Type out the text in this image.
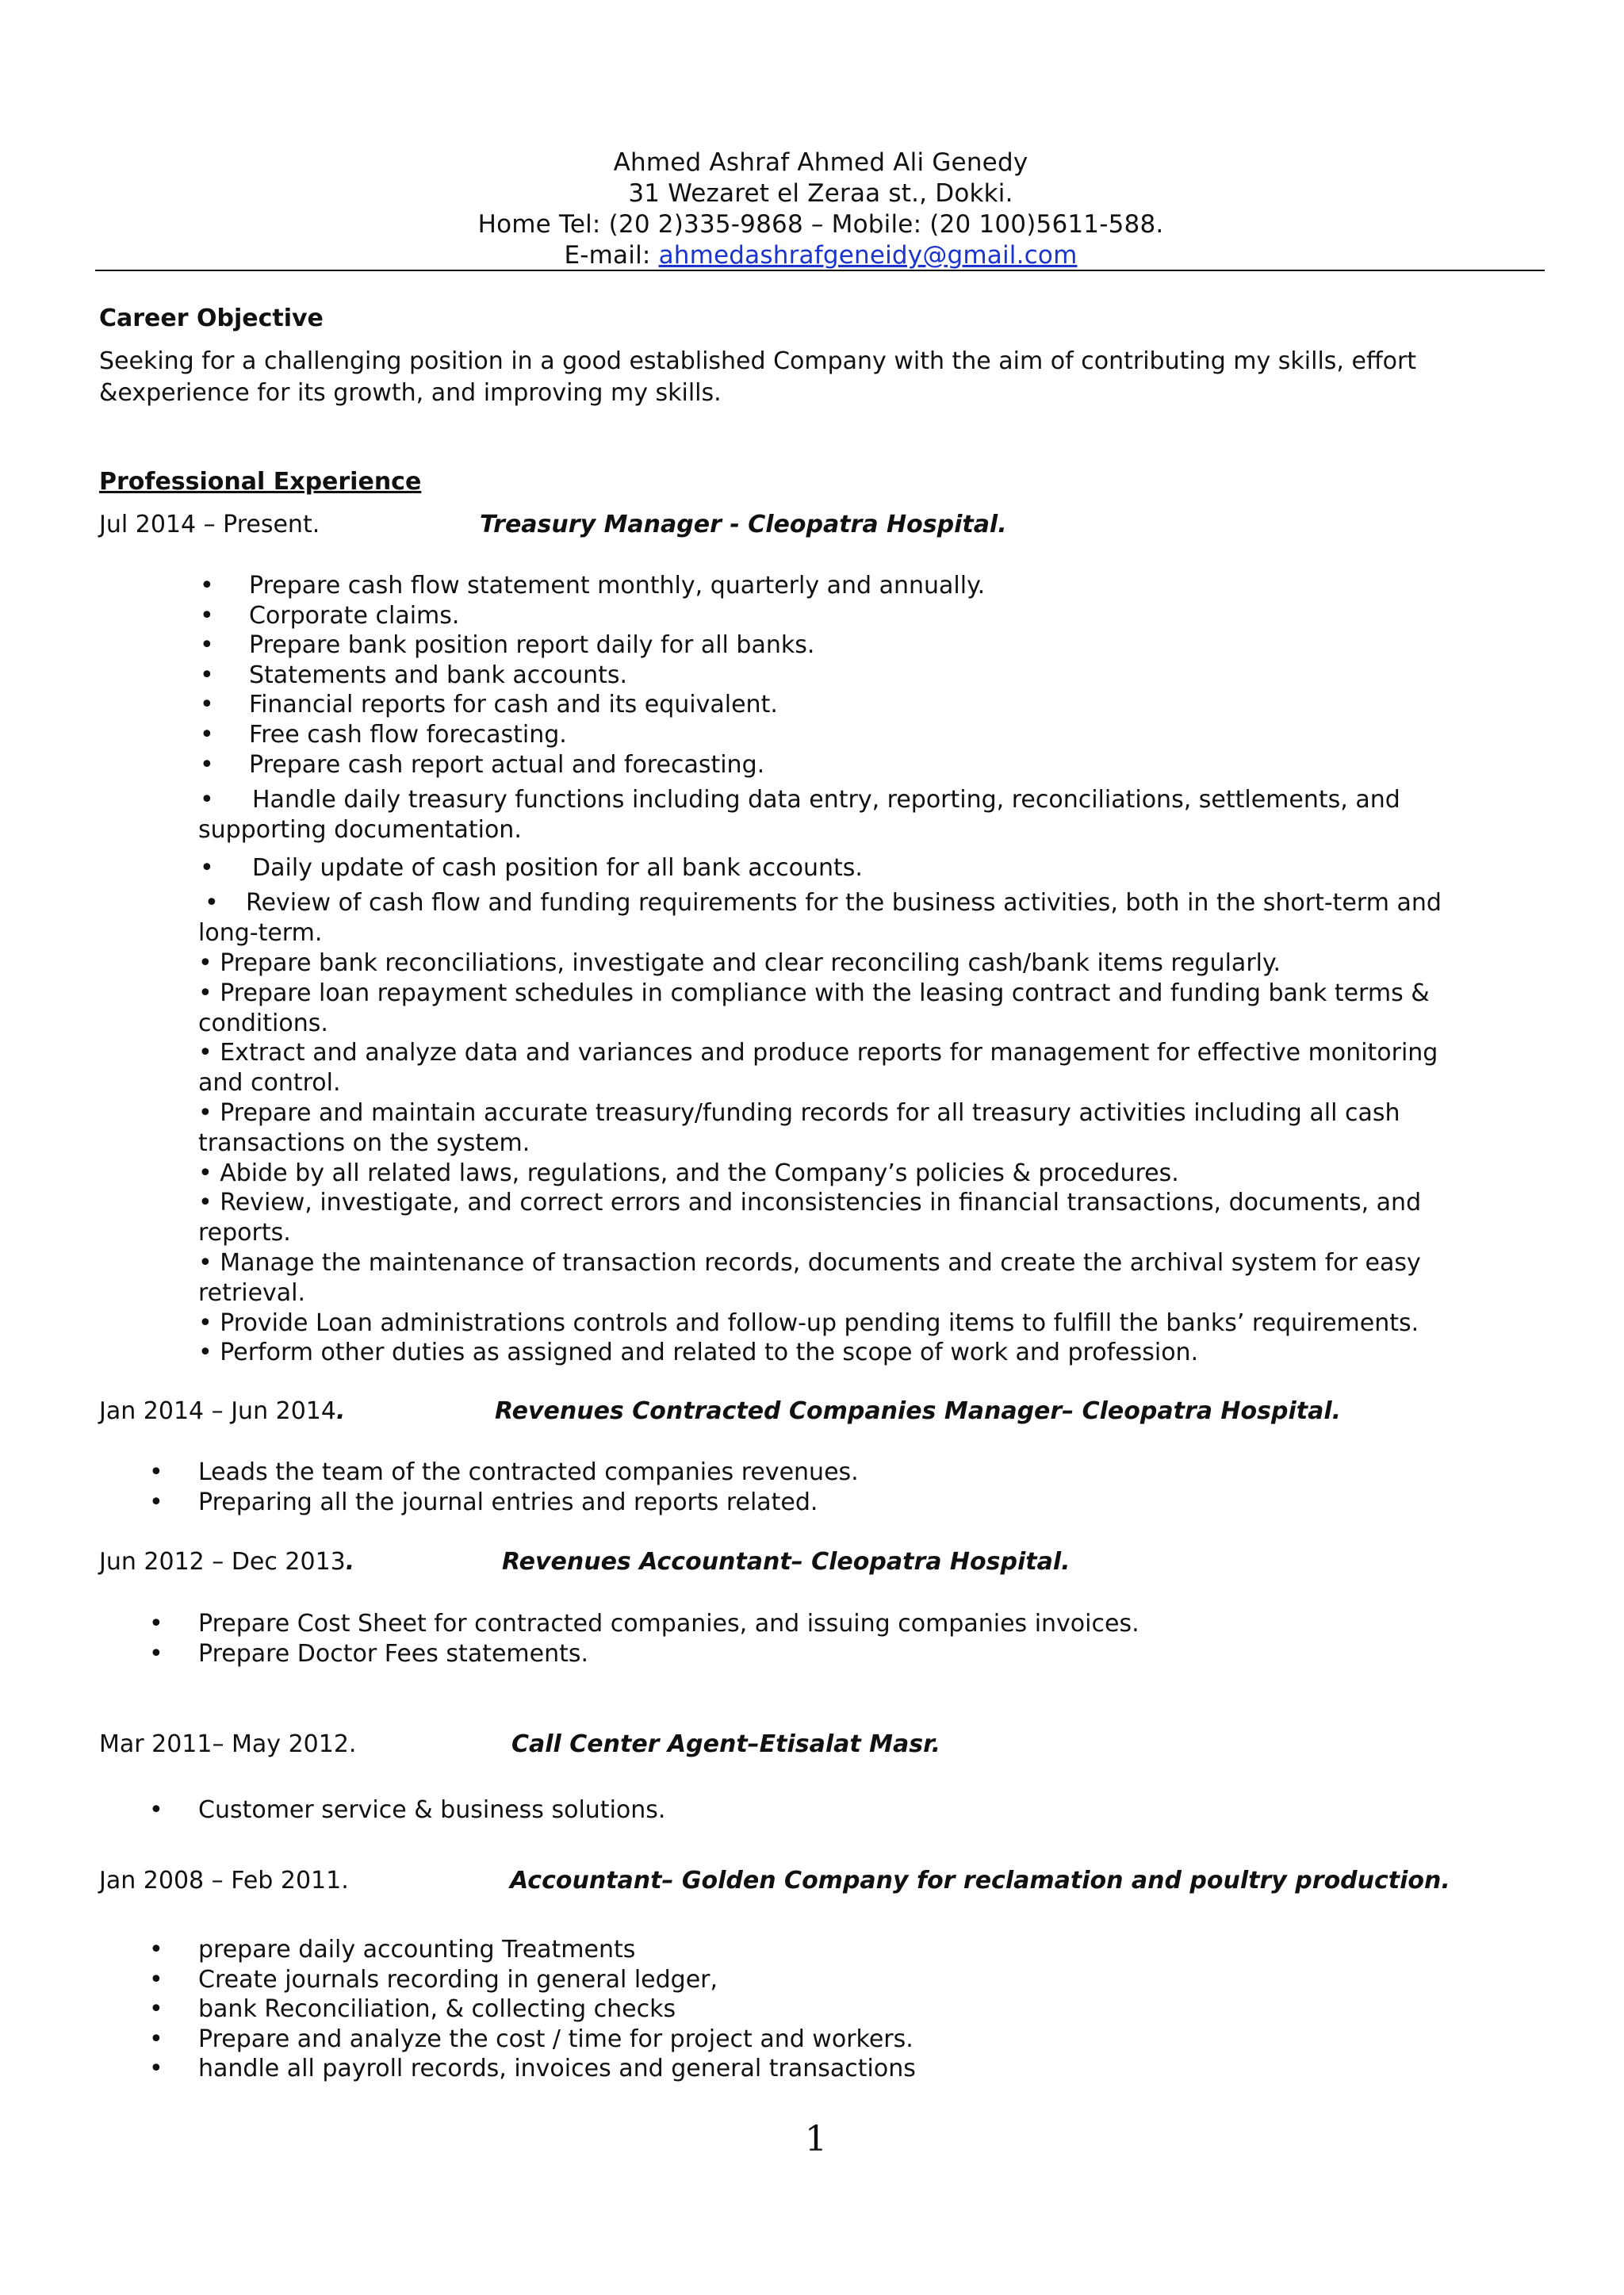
Ahmed Ashraf Ahmed Ali Genedy
31 Wezaret el Zeraa st., Dokki.
Home Tel: (20 2)335-9868 – Mobile: (20 100)5611-588.
E-mail: ahmedashrafgeneidy@gmail.com
Career Objective
Seeking for a challenging position in a good established Company with the aim of contributing my skills, effort
&experience for its growth, and improving my skills.
Professional Experience
Jul 2014 – Present.	Treasury Manager - Cleopatra Hospital.
• Prepare cash flow statement monthly, quarterly and annually.
• Corporate claims.
• Prepare bank position report daily for all banks.
• Statements and bank accounts.
• Financial reports for cash and its equivalent.
• Free cash flow forecasting.
• Prepare cash report actual and forecasting.
• Handle daily treasury functions including data entry, reporting, reconciliations, settlements, and
supporting documentation.
• Daily update of cash position for all bank accounts.
• Review of cash flow and funding requirements for the business activities, both in the short-term and
long-term.

• Prepare bank reconciliations, investigate and clear reconciling cash/bank items regularly.

• Prepare loan repayment schedules in compliance with the leasing contract and funding bank terms &

conditions.

• Extract and analyze data and variances and produce reports for management for effective monitoring

and control.

• Prepare and maintain accurate treasury/funding records for all treasury activities including all cash

transactions on the system.

• Abide by all related laws, regulations, and the Company’s policies & procedures.

• Review, investigate, and correct errors and inconsistencies in financial transactions, documents, and

reports.

• Manage the maintenance of transaction records, documents and create the archival system for easy

retrieval.

• Provide Loan administrations controls and follow-up pending items to fulfill the banks’ requirements.

• Perform other duties as assigned and related to the scope of work and profession.

Jan 2014 – Jun 2014.	Revenues Contracted Companies Manager– Cleopatra Hospital.
• Leads the team of the contracted companies revenues.
• Preparing all the journal entries and reports related.
Jun 2012 – Dec 2013.	Revenues Accountant– Cleopatra Hospital.
• Prepare Cost Sheet for contracted companies, and issuing companies invoices.
• Prepare Doctor Fees statements.
Mar 2011– May 2012.	Call Center Agent–Etisalat Masr.
• Customer service & business solutions.
Jan 2008 – Feb 2011.	Accountant– Golden Company for reclamation and poultry production.
• prepare daily accounting Treatments
• Create journals recording in general ledger,
• bank Reconciliation, & collecting checks
• Prepare and analyze the cost / time for project and workers.
• handle all payroll records, invoices and general transactions
1
